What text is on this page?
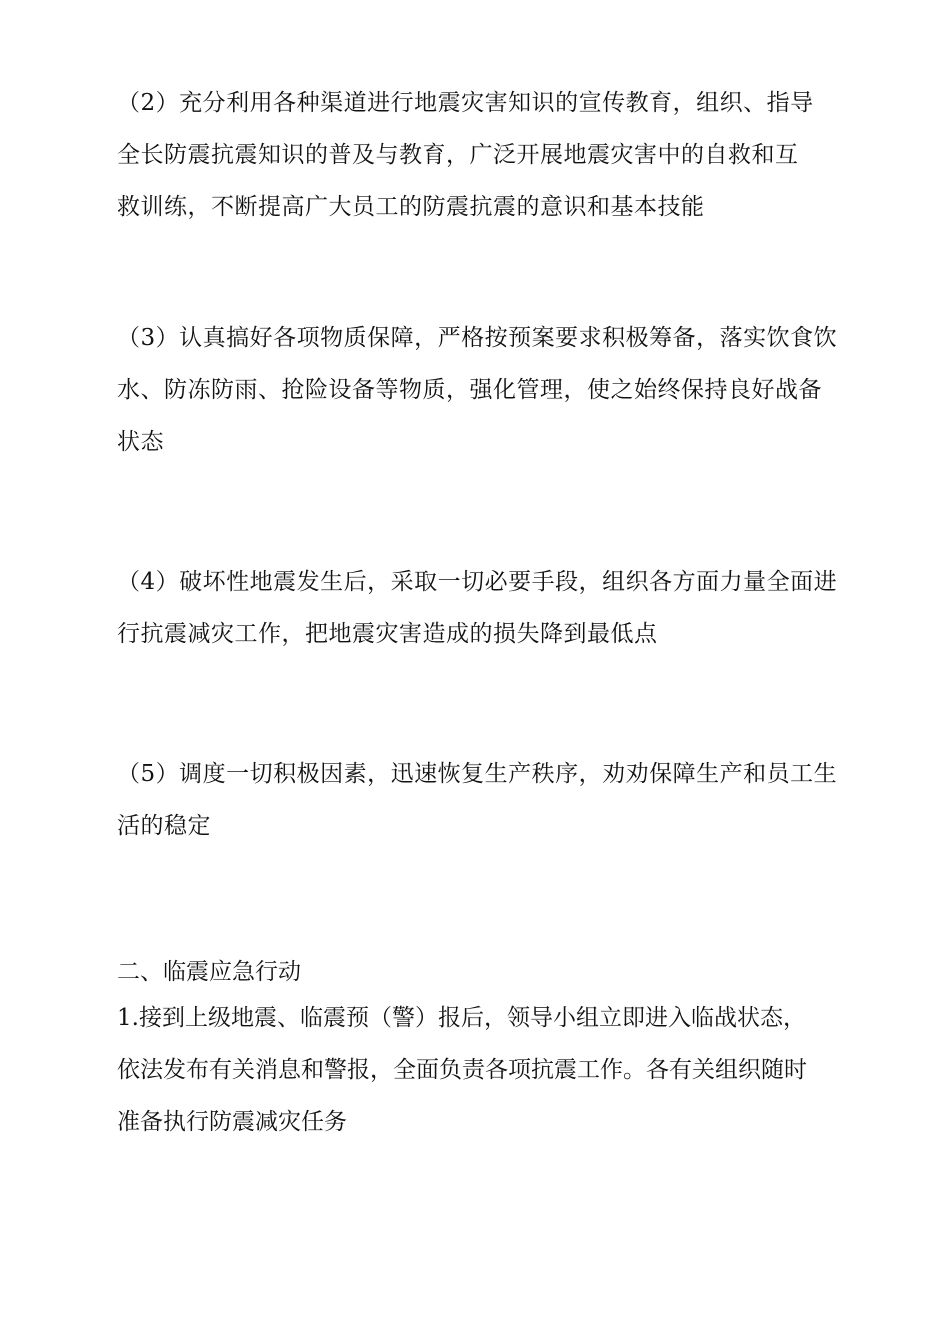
（2）充分利用各种渠道进行地震灾害知识的宣传教育，组织、指导
全长防震抗震知识的普及与教育，广泛开展地震灾害中的自救和互
救训练，不断提高广大员工的防震抗震的意识和基本技能
（3）认真搞好各项物质保障，严格按预案要求积极筹备，落实饮食饮
水、防冻防雨、抢险设备等物质，强化管理，使之始终保持良好战备
状态
（4）破坏性地震发生后，采取一切必要手段，组织各方面力量全面进
行抗震减灾工作，把地震灾害造成的损失降到最低点
（5）调度一切积极因素，迅速恢复生产秩序，劝劝保障生产和员工生
活的稳定
二、临震应急行动
1.接到上级地震、临震预（警）报后，领导小组立即进入临战状态，
依法发布有关消息和警报，全面负责各项抗震工作。各有关组织随时
准备执行防震减灾任务
